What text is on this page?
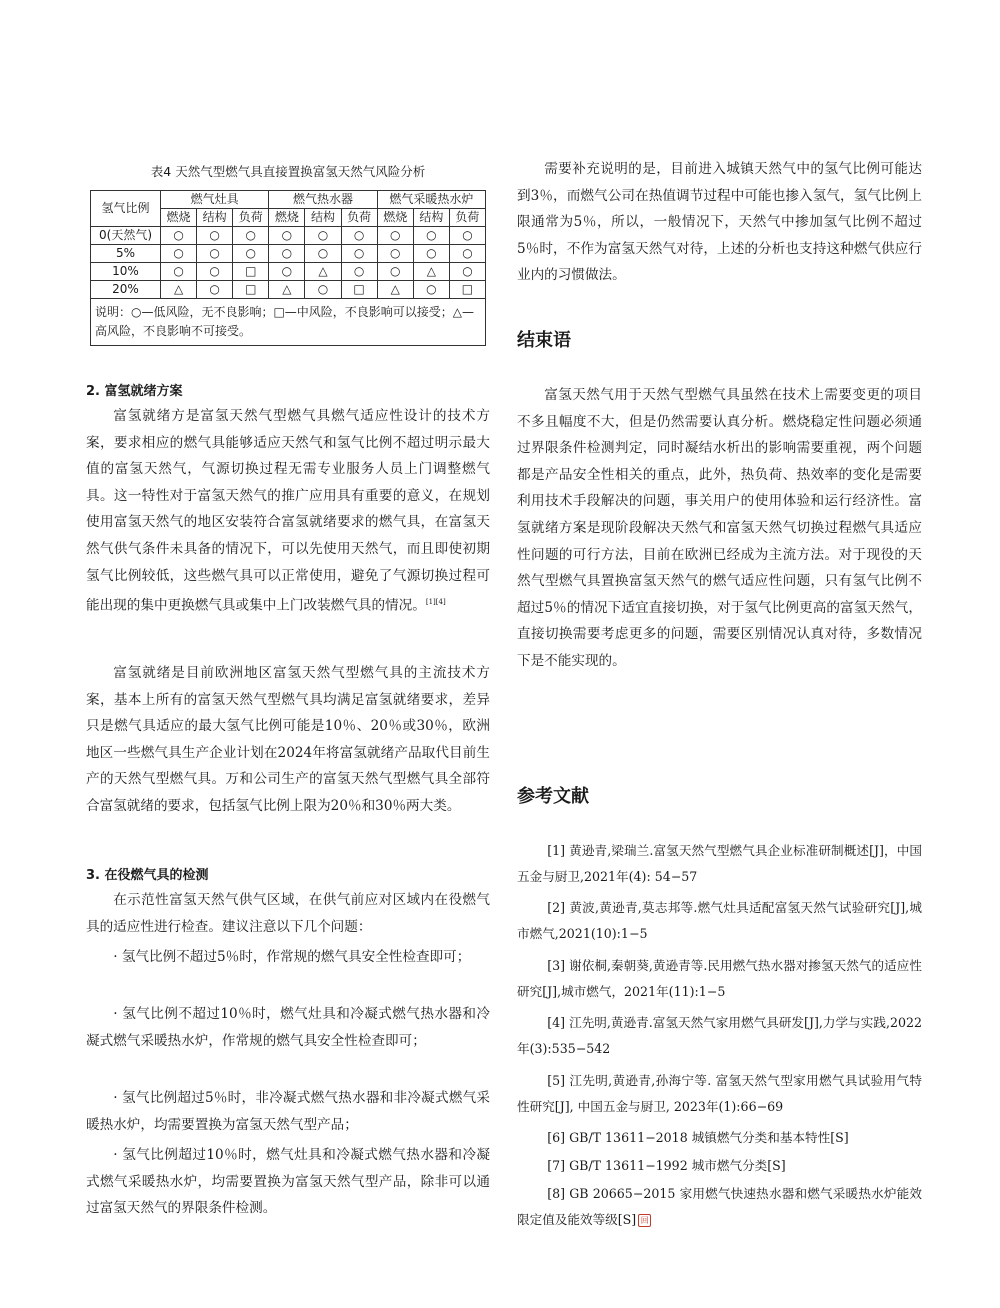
表4 天然气型燃气具直接置换富氢天然气风险分析
氢气比例	燃气灶具			燃气热水器			燃气采暖热水炉		
	燃烧	结构	负荷	燃烧	结构	负荷	燃烧	结构	负荷
0(天然气)	○	○	○	○	○	○	○	○	○
5%	○	○	○	○	○	○	○	○	○
10%	○	○	□	○	△	○	○	△	○
20%	△	○	□	△	○	□	△	○	□
说明：○—低风险，无不良影响；□—中风险，不良影响可以接受；△—高风险，不良影响不可接受。									
2. 富氢就绪方案

富氢就绪方是富氢天然气型燃气具燃气适应性设计的技术方案，要求相应的燃气具能够适应天然气和氢气比例不超过明示最大值的富氢天然气，气源切换过程无需专业服务人员上门调整燃气具。这一特性对于富氢天然气的推广应用具有重要的意义，在规划使用富氢天然气的地区安装符合富氢就绪要求的燃气具，在富氢天然气供气条件未具备的情况下，可以先使用天然气，而且即使初期氢气比例较低，这些燃气具可以正常使用，避免了气源切换过程可能出现的集中更换燃气具或集中上门改装燃气具的情况。[1][4]

富氢就绪是目前欧洲地区富氢天然气型燃气具的主流技术方案，基本上所有的富氢天然气型燃气具均满足富氢就绪要求，差异只是燃气具适应的最大氢气比例可能是10％、20％或30％，欧洲地区一些燃气具生产企业计划在2024年将富氢就绪产品取代目前生产的天然气型燃气具。万和公司生产的富氢天然气型燃气具全部符合富氢就绪的要求，包括氢气比例上限为20％和30％两大类。

3. 在役燃气具的检测

在示范性富氢天然气供气区域，在供气前应对区域内在役燃气具的适应性进行检查。建议注意以下几个问题：

· 氢气比例不超过5％时，作常规的燃气具安全性检查即可；

· 氢气比例不超过10％时，燃气灶具和冷凝式燃气热水器和冷凝式燃气采暖热水炉，作常规的燃气具安全性检查即可；

· 氢气比例超过5％时，非冷凝式燃气热水器和非冷凝式燃气采暖热水炉，均需要置换为富氢天然气型产品；

· 氢气比例超过10％时，燃气灶具和冷凝式燃气热水器和冷凝式燃气采暖热水炉，均需要置换为富氢天然气型产品，除非可以通过富氢天然气的界限条件检测。

需要补充说明的是，目前进入城镇天然气中的氢气比例可能达到3％，而燃气公司在热值调节过程中可能也掺入氢气，氢气比例上限通常为5％，所以，一般情况下，天然气中掺加氢气比例不超过5％时，不作为富氢天然气对待，上述的分析也支持这种燃气供应行业内的习惯做法。

结束语

富氢天然气用于天然气型燃气具虽然在技术上需要变更的项目不多且幅度不大，但是仍然需要认真分析。燃烧稳定性问题必须通过界限条件检测判定，同时凝结水析出的影响需要重视，两个问题都是产品安全性相关的重点，此外，热负荷、热效率的变化是需要利用技术手段解决的问题，事关用户的使用体验和运行经济性。富氢就绪方案是现阶段解决天然气和富氢天然气切换过程燃气具适应性问题的可行方法，目前在欧洲已经成为主流方法。对于现役的天然气型燃气具置换富氢天然气的燃气适应性问题，只有氢气比例不超过5％的情况下适宜直接切换，对于氢气比例更高的富氢天然气，直接切换需要考虑更多的问题，需要区别情况认真对待，多数情况下是不能实现的。

参考文献

[1] 黄逊青,梁瑞兰.富氢天然气型燃气具企业标准研制概述[J]，中国五金与厨卫,2021年(4): 54−57

[2] 黄波,黄逊青,莫志邦等.燃气灶具适配富氢天然气试验研究[J],城市燃气,2021(10):1−5

[3] 谢依桐,秦朝葵,黄逊青等.民用燃气热水器对掺氢天然气的适应性研究[J],城市燃气，2021年(11):1−5

[4] 江先明,黄逊青.富氢天然气家用燃气具研发[J],力学与实践,2022年(3):535−542

[5] 江先明,黄逊青,孙海宁等. 富氢天然气型家用燃气具试验用气特性研究[J], 中国五金与厨卫, 2023年(1):66−69

[6] GB/T 13611−2018 城镇燃气分类和基本特性[S]

[7] GB/T 13611−1992 城市燃气分类[S]

[8] GB 20665−2015 家用燃气快速热水器和燃气采暖热水炉能效限定值及能效等级[S] 回
